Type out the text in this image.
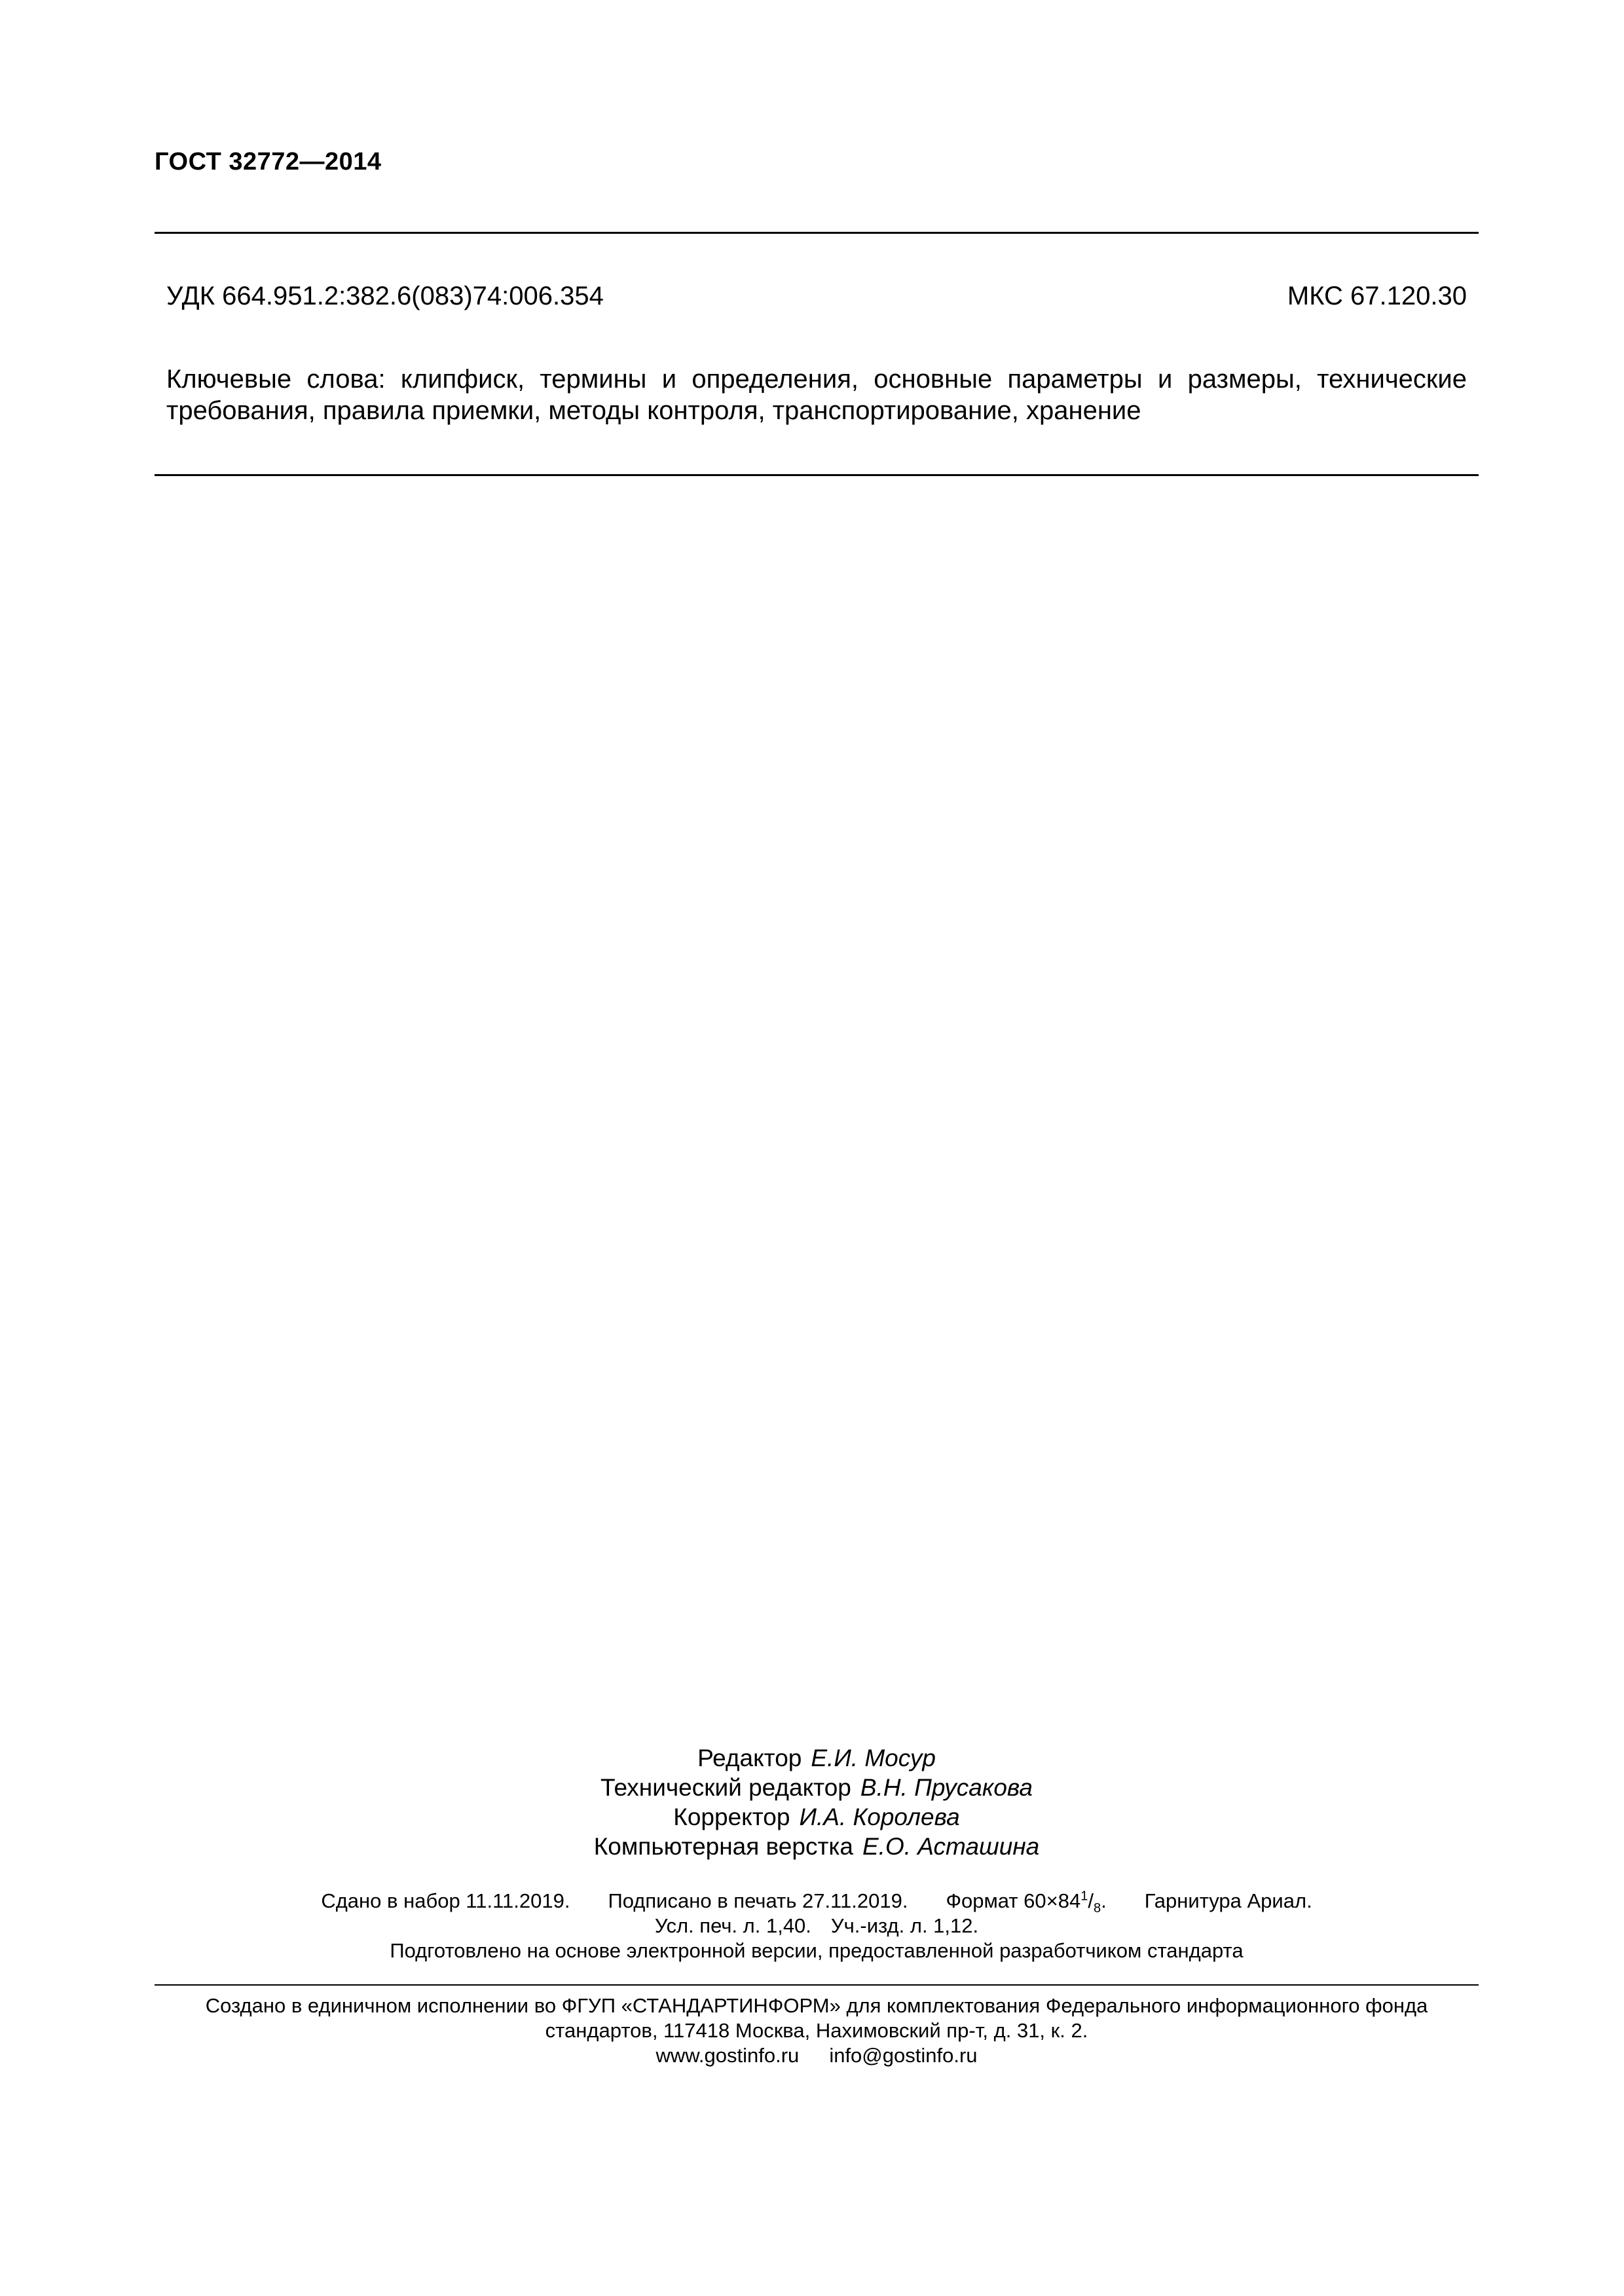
ГОСТ 32772—2014
УДК 664.951.2:382.6(083)74:006.354	МКС 67.120.30
Ключевые слова: клипфиск, термины и определения, основные параметры и размеры, технические требования, правила приемки, методы контроля, транспортирование, хранение
Редактор Е.И. Мосур
Технический редактор В.Н. Прусакова
Корректор И.А. Королева
Компьютерная верстка Е.О. Асташина
Сдано в набор 11.11.2019. Подписано в печать 27.11.2019. Формат $60\times 84^1/_8$. Гарнитура Ариал.
Усл. печ. л. 1,40. Уч.-изд. л. 1,12.
Подготовлено на основе электронной версии, предоставленной разработчиком стандарта
Создано в единичном исполнении во ФГУП «СТАНДАРТИНФОРМ» для комплектования Федерального информационного фонда
стандартов, 117418 Москва, Нахимовский пр-т, д. 31, к. 2.
www.gostinfo.ru info@gostinfo.ru
